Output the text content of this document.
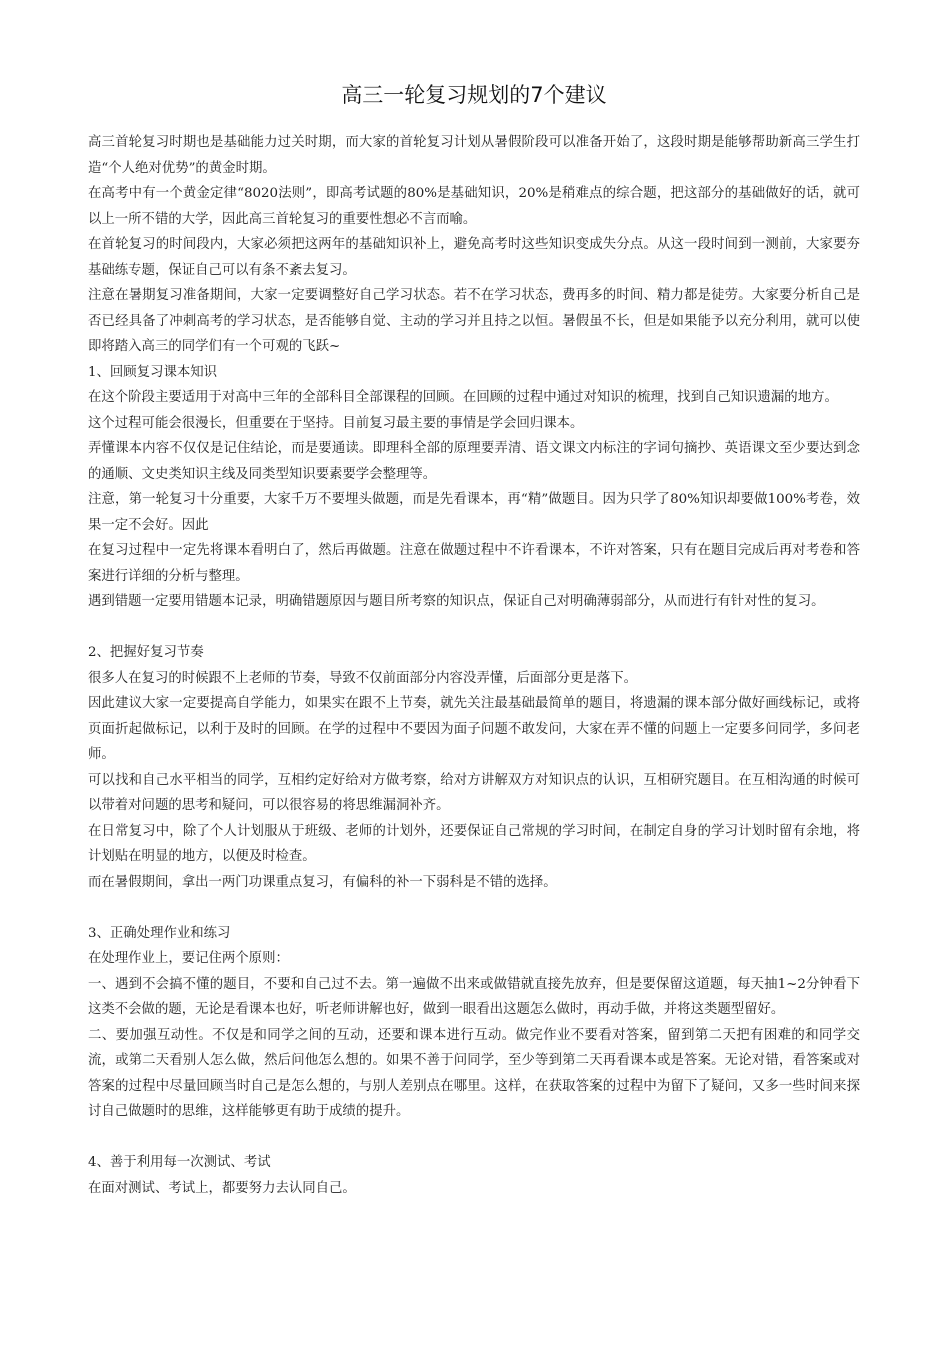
高三一轮复习规划的7个建议

高三首轮复习时期也是基础能力过关时期，而大家的首轮复习计划从暑假阶段可以准备开始了，这段时期是能够帮助新高三学生打造“个人绝对优势”的黄金时期。

在高考中有一个黄金定律“8020法则”，即高考试题的80%是基础知识，20%是稍难点的综合题，把这部分的基础做好的话，就可以上一所不错的大学，因此高三首轮复习的重要性想必不言而喻。

在首轮复习的时间段内，大家必须把这两年的基础知识补上，避免高考时这些知识变成失分点。从这一段时间到一测前，大家要夯基础练专题，保证自己可以有条不紊去复习。

注意在暑期复习准备期间，大家一定要调整好自己学习状态。若不在学习状态，费再多的时间、精力都是徒劳。大家要分析自己是否已经具备了冲刺高考的学习状态，是否能够自觉、主动的学习并且持之以恒。暑假虽不长，但是如果能予以充分利用，就可以使即将踏入高三的同学们有一个可观的飞跃~

1、回顾复习课本知识

在这个阶段主要适用于对高中三年的全部科目全部课程的回顾。在回顾的过程中通过对知识的梳理，找到自己知识遗漏的地方。

这个过程可能会很漫长，但重要在于坚持。目前复习最主要的事情是学会回归课本。

弄懂课本内容不仅仅是记住结论，而是要通读。即理科全部的原理要弄清、语文课文内标注的字词句摘抄、英语课文至少要达到念的通顺、文史类知识主线及同类型知识要素要学会整理等。

注意，第一轮复习十分重要，大家千万不要埋头做题，而是先看课本，再“精”做题目。因为只学了80%知识却要做100%考卷，效果一定不会好。因此

在复习过程中一定先将课本看明白了，然后再做题。注意在做题过程中不许看课本，不许对答案，只有在题目完成后再对考卷和答案进行详细的分析与整理。

遇到错题一定要用错题本记录，明确错题原因与题目所考察的知识点，保证自己对明确薄弱部分，从而进行有针对性的复习。

2、把握好复习节奏

很多人在复习的时候跟不上老师的节奏，导致不仅前面部分内容没弄懂，后面部分更是落下。

因此建议大家一定要提高自学能力，如果实在跟不上节奏，就先关注最基础最简单的题目，将遗漏的课本部分做好画线标记，或将页面折起做标记，以利于及时的回顾。在学的过程中不要因为面子问题不敢发问，大家在弄不懂的问题上一定要多问同学，多问老师。

可以找和自己水平相当的同学，互相约定好给对方做考察，给对方讲解双方对知识点的认识，互相研究题目。在互相沟通的时候可以带着对问题的思考和疑问，可以很容易的将思维漏洞补齐。

在日常复习中，除了个人计划服从于班级、老师的计划外，还要保证自己常规的学习时间，在制定自身的学习计划时留有余地，将计划贴在明显的地方，以便及时检查。

而在暑假期间，拿出一两门功课重点复习，有偏科的补一下弱科是不错的选择。

3、正确处理作业和练习

在处理作业上，要记住两个原则：

一、遇到不会搞不懂的题目，不要和自己过不去。第一遍做不出来或做错就直接先放弃，但是要保留这道题，每天抽1~2分钟看下这类不会做的题，无论是看课本也好，听老师讲解也好，做到一眼看出这题怎么做时，再动手做，并将这类题型留好。

二、要加强互动性。不仅是和同学之间的互动，还要和课本进行互动。做完作业不要看对答案，留到第二天把有困难的和同学交流，或第二天看别人怎么做，然后问他怎么想的。如果不善于问同学，至少等到第二天再看课本或是答案。无论对错，看答案或对答案的过程中尽量回顾当时自己是怎么想的，与别人差别点在哪里。这样，在获取答案的过程中为留下了疑问，又多一些时间来探讨自己做题时的思维，这样能够更有助于成绩的提升。

4、善于利用每一次测试、考试

在面对测试、考试上，都要努力去认同自己。
